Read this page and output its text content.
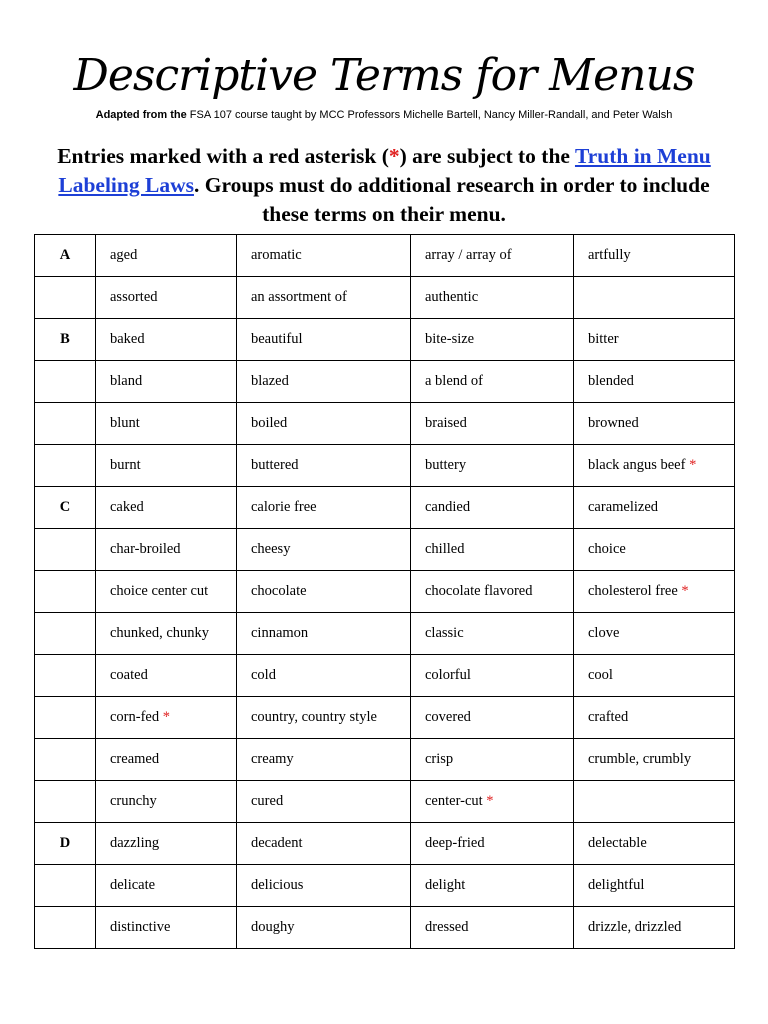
Descriptive Terms for Menus
Adapted from the FSA 107 course taught by MCC Professors Michelle Bartell, Nancy Miller-Randall, and Peter Walsh
Entries marked with a red asterisk (*) are subject to the Truth in Menu Labeling Laws. Groups must do additional research in order to include these terms on their menu.
A	aged	aromatic	array / array of	artfully
	assorted	an assortment of	authentic	
B	baked	beautiful	bite-size	bitter
	bland	blazed	a blend of	blended
	blunt	boiled	braised	browned
	burnt	buttered	buttery	black angus beef *
C	caked	calorie free	candied	caramelized
	char-broiled	cheesy	chilled	choice
	choice center cut	chocolate	chocolate flavored	cholesterol free *
	chunked, chunky	cinnamon	classic	clove
	coated	cold	colorful	cool
	corn-fed *	country, country style	covered	crafted
	creamed	creamy	crisp	crumble, crumbly
	crunchy	cured	center-cut *	
D	dazzling	decadent	deep-fried	delectable
	delicate	delicious	delight	delightful
	distinctive	doughy	dressed	drizzle, drizzled
